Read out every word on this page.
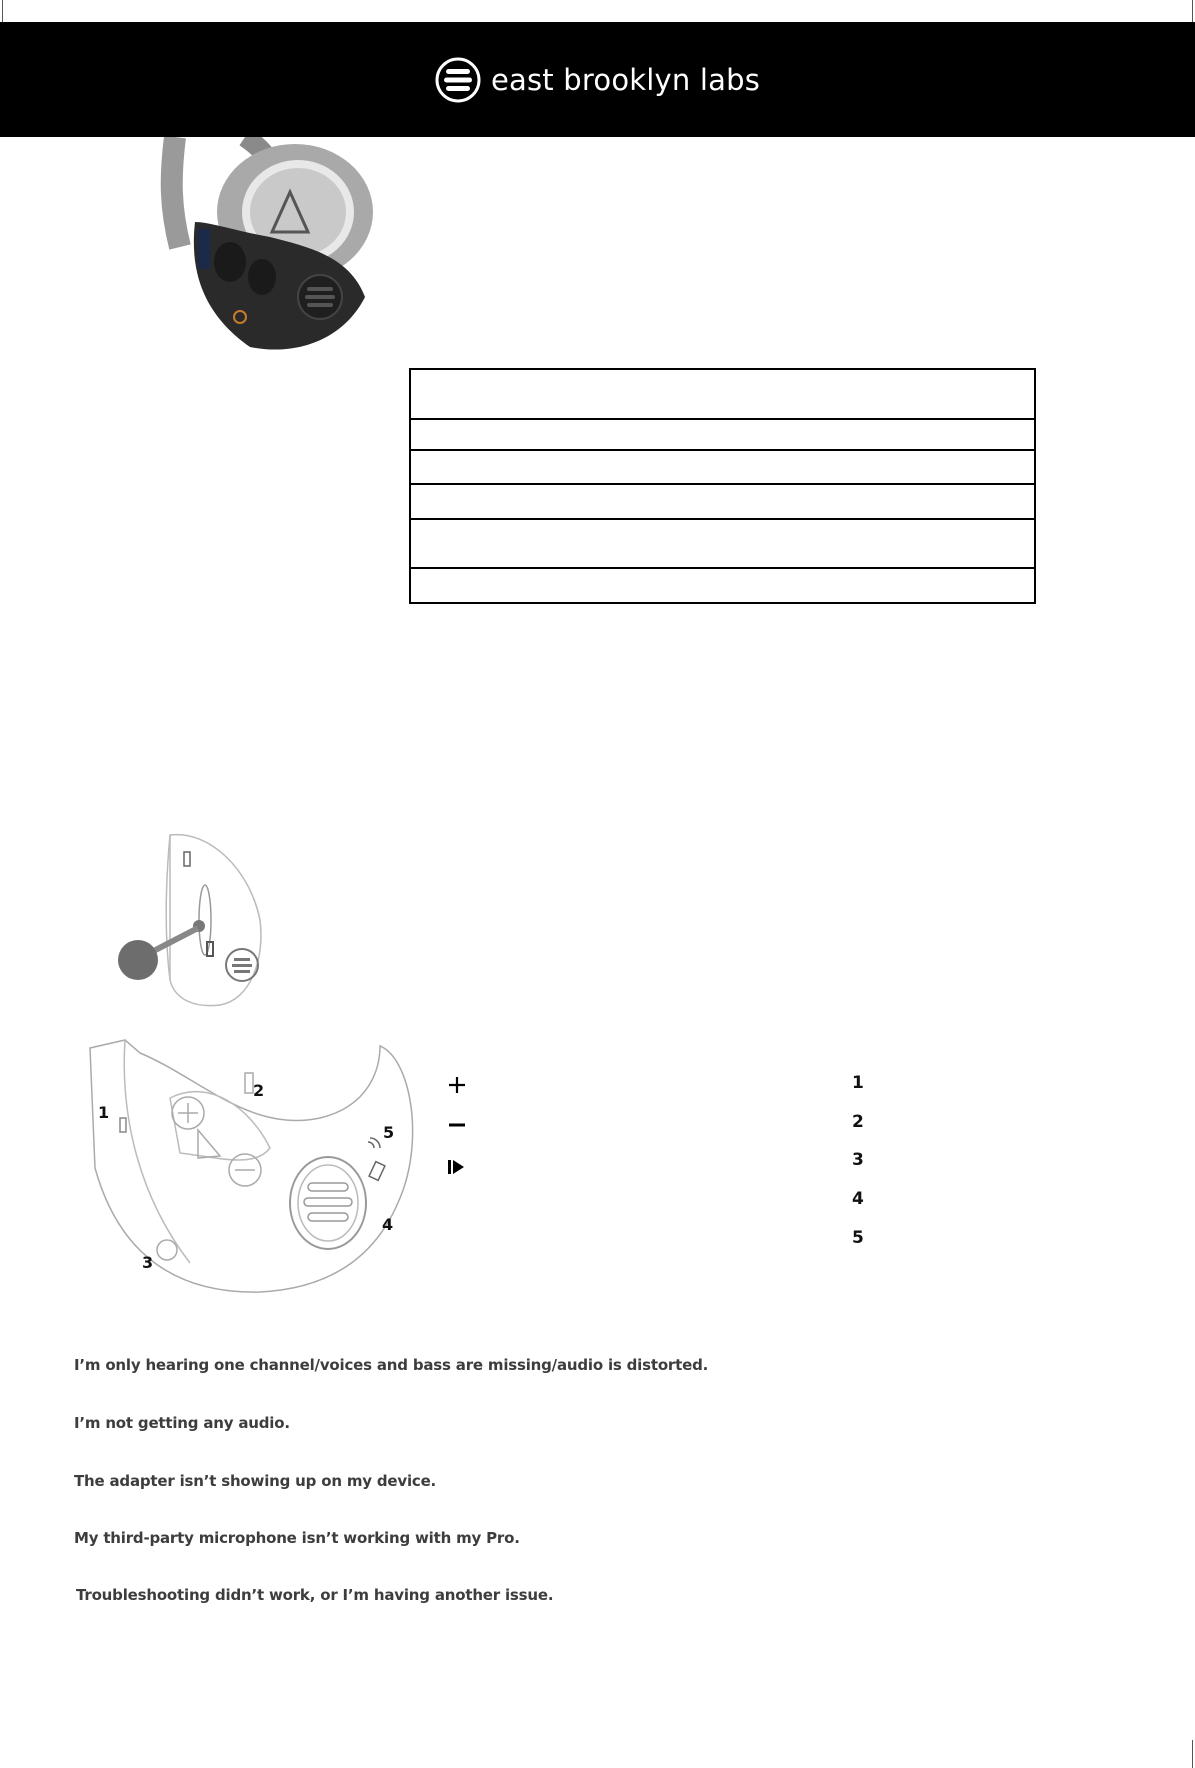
east brooklyn labs

1
2
3
4
5
1
2
3
4
5
I’m only hearing one channel/voices and bass are missing/audio is distorted.
I’m not getting any audio.
The adapter isn’t showing up on my device.
My third-party microphone isn’t working with my Pro.
Troubleshooting didn’t work, or I’m having another issue.
